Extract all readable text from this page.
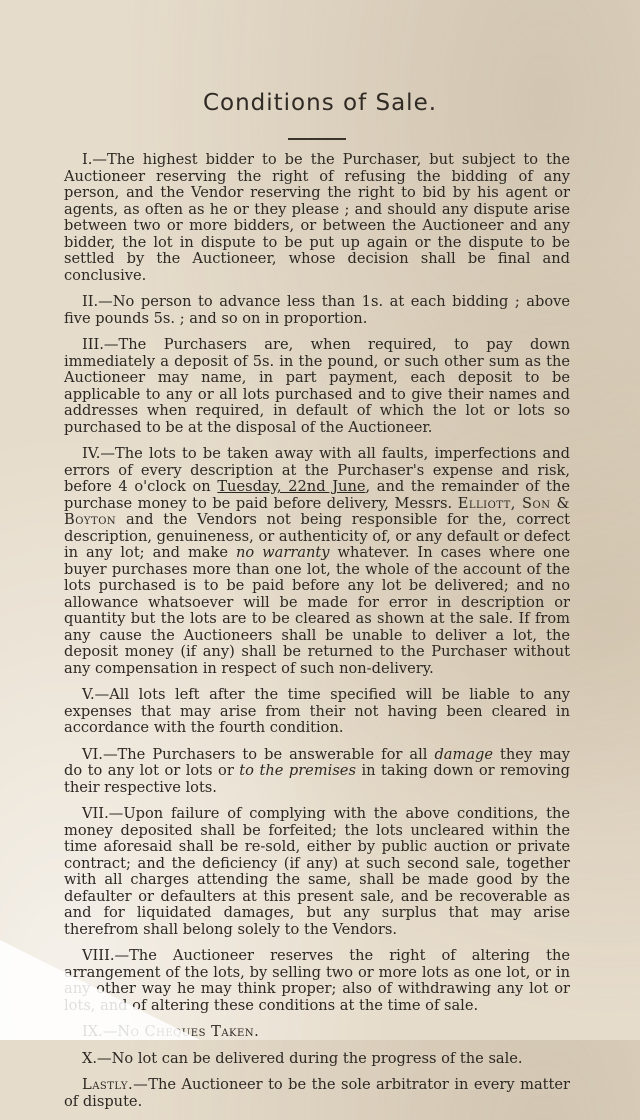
Conditions of Sale.

I.—The highest bidder to be the Purchaser, but subject to the Auctioneer reserving the right of refusing the bidding of any person, and the Vendor reserving the right to bid by his agent or agents, as often as he or they please ; and should any dispute arise between two or more bidders, or between the Auctioneer and any bidder, the lot in dispute to be put up again or the dispute to be settled by the Auctioneer, whose decision shall be final and conclusive.

II.—No person to advance less than 1s. at each bidding ; above five pounds 5s. ; and so on in proportion.

III.—The Purchasers are, when required, to pay down immediately a deposit of 5s. in the pound, or such other sum as the Auctioneer may name, in part payment, each deposit to be applicable to any or all lots purchased and to give their names and addresses when required, in default of which the lot or lots so purchased to be at the disposal of the Auctioneer.

IV.—The lots to be taken away with all faults, imperfections and errors of every description at the Purchaser's expense and risk, before 4 o'clock on Tuesday, 22nd June, and the remainder of the purchase money to be paid before delivery, Messrs. Elliott, Son & Boyton and the Vendors not being responsible for the, correct description, genuineness, or authenticity of, or any default or defect in any lot; and make no warranty whatever. In cases where one buyer purchases more than one lot, the whole of the account of the lots purchased is to be paid before any lot be delivered; and no allowance whatsoever will be made for error in description or quantity but the lots are to be cleared as shown at the sale. If from any cause the Auctioneers shall be unable to deliver a lot, the deposit money (if any) shall be returned to the Purchaser without any compensation in respect of such non-delivery.

V.—All lots left after the time specified will be liable to any expenses that may arise from their not having been cleared in accordance with the fourth condition.

VI.—The Purchasers to be answerable for all damage they may do to any lot or lots or to the premises in taking down or removing their respective lots.

VII.—Upon failure of complying with the above conditions, the money deposited shall be forfeited; the lots uncleared within the time aforesaid shall be re-sold, either by public auction or private contract; and the deficiency (if any) at such second sale, together with all charges attending the same, shall be made good by the defaulter or defaulters at this present sale, and be recoverable as and for liquidated damages, but any surplus that may arise therefrom shall belong solely to the Vendors.

VIII.—The Auctioneer reserves the right of altering the arrangement of the lots, by selling two or more lots as one lot, or in any other way he may think proper; also of withdrawing any lot or lots, and of altering these conditions at the time of sale.

IX.—No Cheques Taken.

X.—No lot can be delivered during the progress of the sale.

Lastly.—The Auctioneer to be the sole arbitrator in every matter of dispute.
